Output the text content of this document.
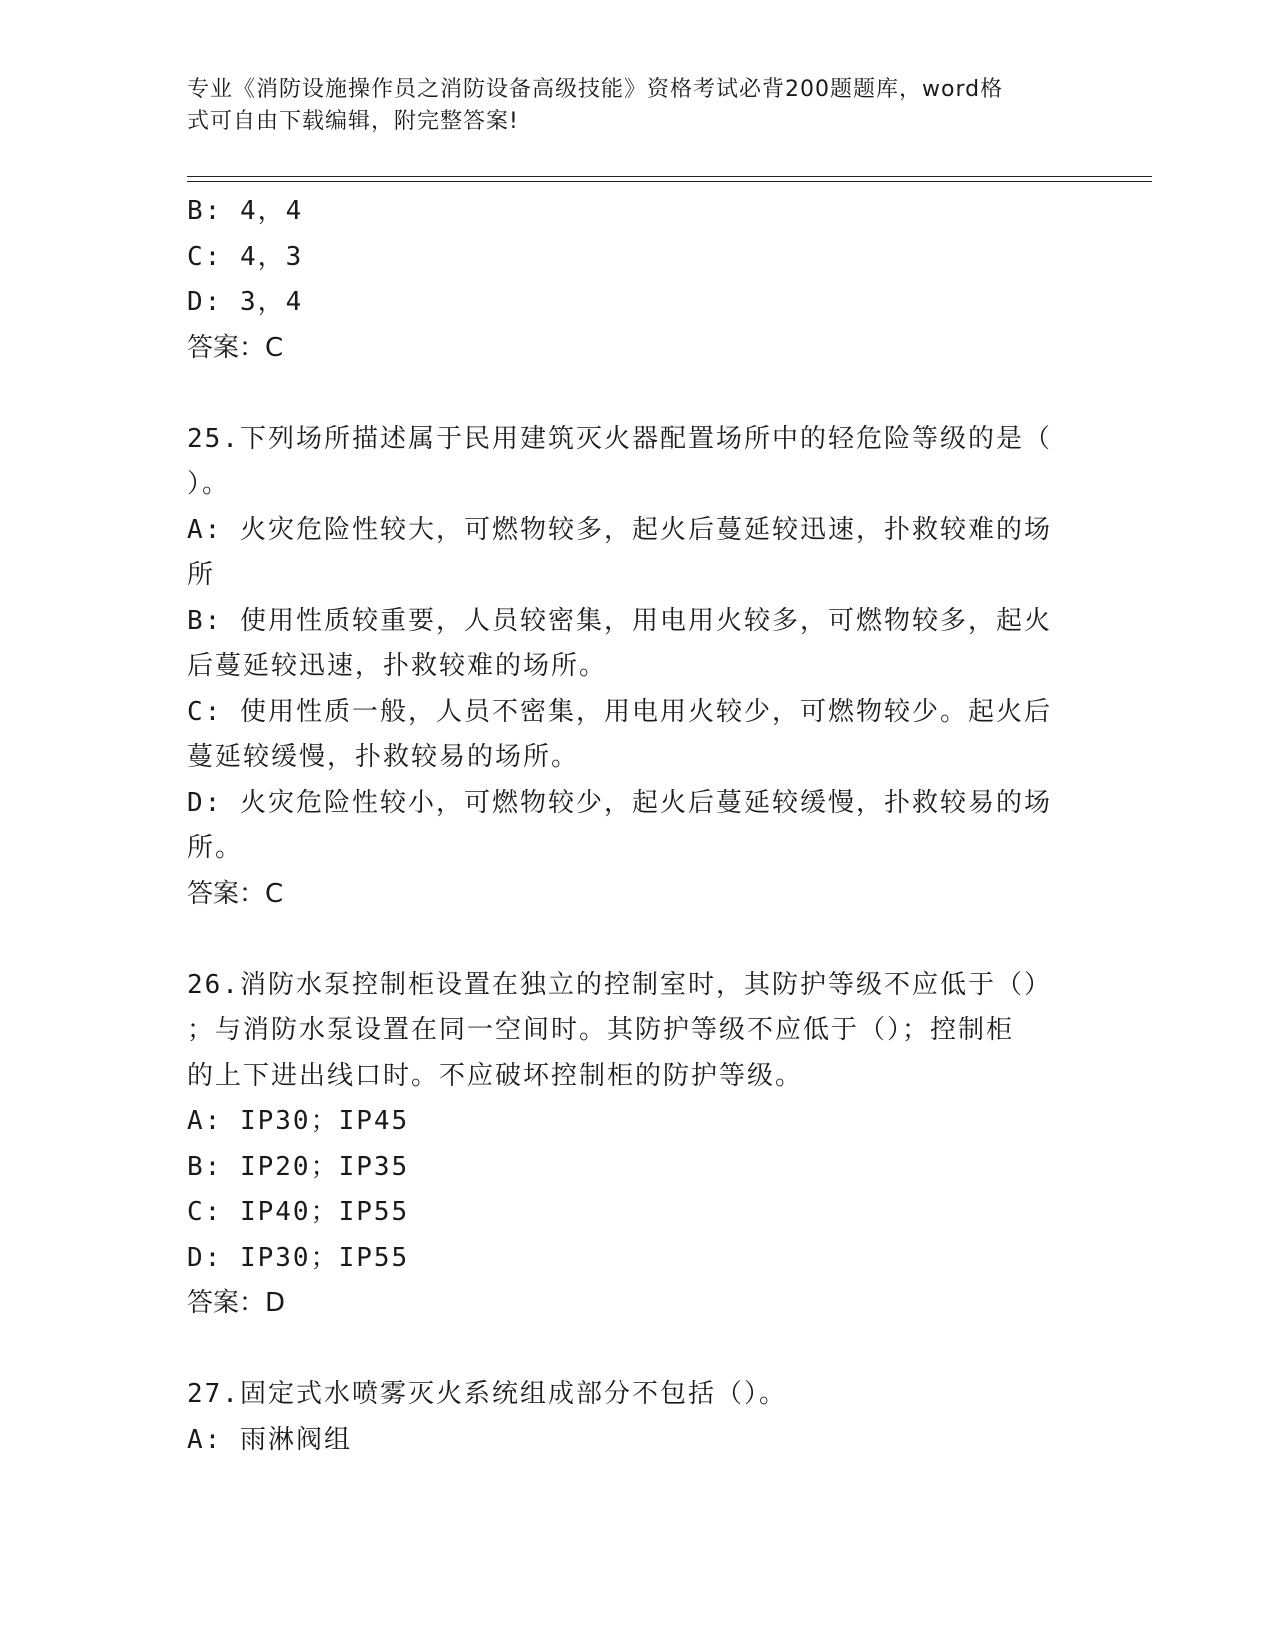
专业《消防设施操作员之消防设备高级技能》资格考试必背200题题库，word格
式可自由下载编辑，附完整答案!
B: 4，4
C: 4，3
D: 3，4
答案：C
25.下列场所描述属于民用建筑灭火器配置场所中的轻危险等级的是（
）。
A: 火灾危险性较大，可燃物较多，起火后蔓延较迅速，扑救较难的场
所
B: 使用性质较重要，人员较密集，用电用火较多，可燃物较多，起火
后蔓延较迅速，扑救较难的场所。
C: 使用性质一般，人员不密集，用电用火较少，可燃物较少。起火后
蔓延较缓慢，扑救较易的场所。
D: 火灾危险性较小，可燃物较少，起火后蔓延较缓慢，扑救较易的场
所。
答案：C
26.消防水泵控制柜设置在独立的控制室时，其防护等级不应低于（）
；与消防水泵设置在同一空间时。其防护等级不应低于（）；控制柜
的上下进出线口时。不应破坏控制柜的防护等级。
A: IP30；IP45
B: IP20；IP35
C: IP40；IP55
D: IP30；IP55
答案：D
27.固定式水喷雾灭火系统组成部分不包括（）。
A: 雨淋阀组
